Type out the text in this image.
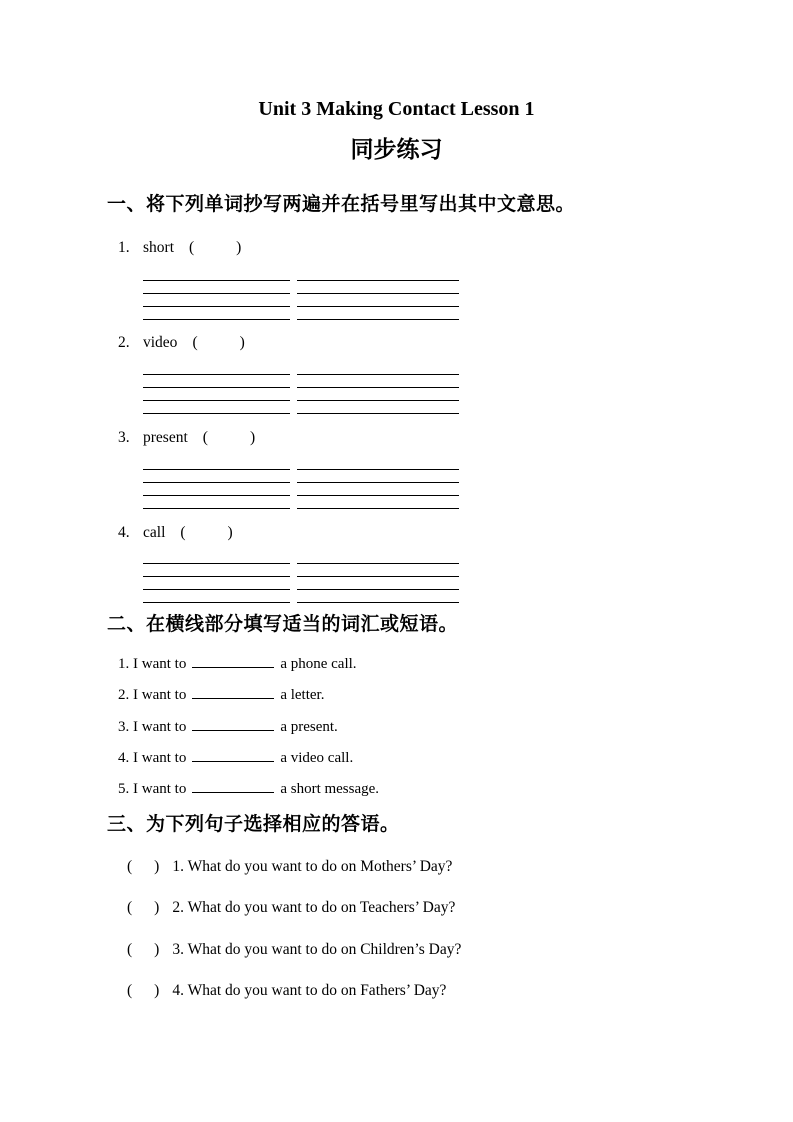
Unit 3 Making Contact Lesson 1
同步练习
一、将下列单词抄写两遍并在括号里写出其中文意思。
1. short (	)
2. video (	)
3. present (	)
4. call (	)
二、在横线部分填写适当的词汇或短语。
1. I want to	a phone call.
2. I want to	a letter.
3. I want to	a present.
4. I want to	a video call.
5. I want to	a short message.
三、为下列句子选择相应的答语。
( ) 1. What do you want to do on Mothers’ Day?
( ) 2. What do you want to do on Teachers’ Day?
( ) 3. What do you want to do on Children’s Day?
( ) 4. What do you want to do on Fathers’ Day?
